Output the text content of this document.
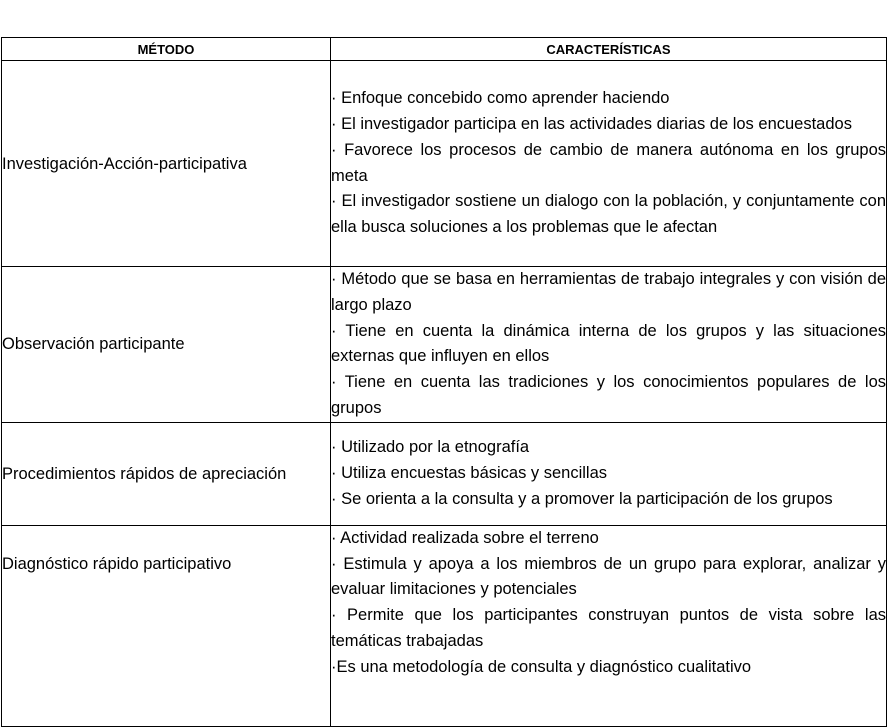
MÉTODO	CARACTERÍSTICAS
Investigación-Acción-participativa	· Enfoque concebido como aprender haciendo
· El investigador participa en las actividades diarias de los encuestados
· Favorece los procesos de cambio de manera autónoma en los grupos meta
· El investigador sostiene un dialogo con la población, y conjuntamente con ella busca soluciones a los problemas que le afectan

Observación participante	· Método que se basa en herramientas de trabajo integrales y con visión de largo plazo
· Tiene en cuenta la dinámica interna de los grupos y las situaciones externas que influyen en ellos
· Tiene en cuenta las tradiciones y los conocimientos populares de los grupos

Procedimientos rápidos de apreciación	· Utilizado por la etnografía
· Utiliza encuestas básicas y sencillas
· Se orienta a la consulta y a promover la participación de los grupos

Diagnóstico rápido participativo	· Actividad realizada sobre el terreno
· Estimula y apoya a los miembros de un grupo para explorar, analizar y evaluar limitaciones y potenciales
· Permite que los participantes construyan puntos de vista sobre las temáticas trabajadas
·Es una metodología de consulta y diagnóstico cualitativo
